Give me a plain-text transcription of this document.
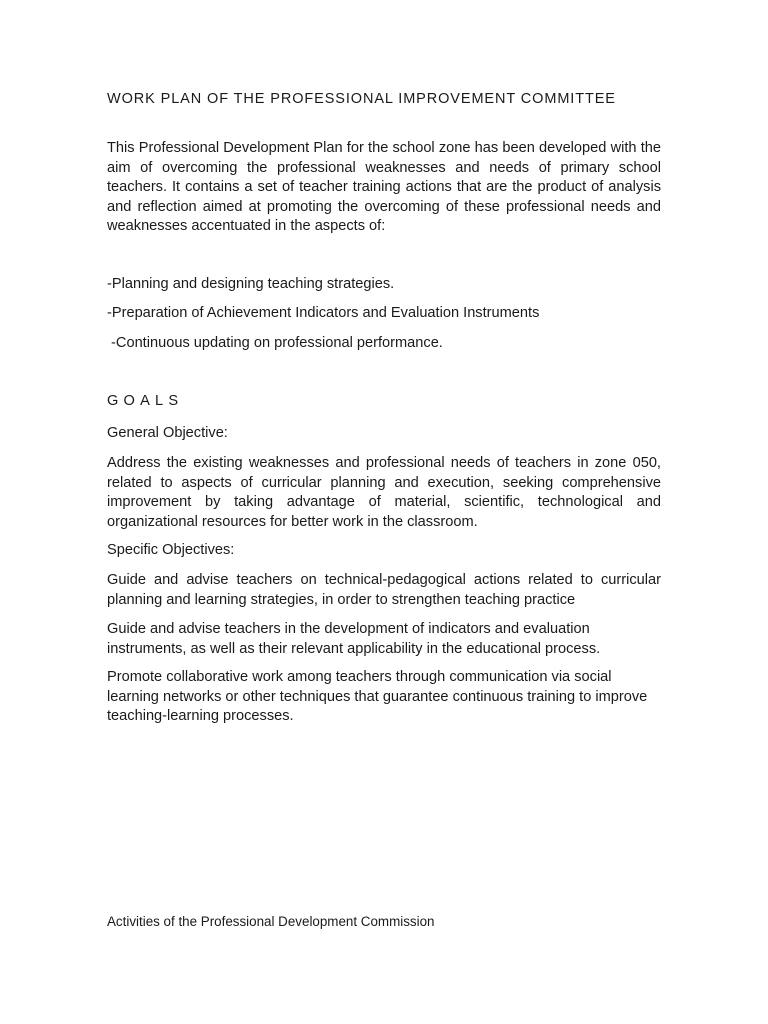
WORK PLAN OF THE PROFESSIONAL IMPROVEMENT COMMITTEE

This Professional Development Plan for the school zone has been developed with the aim of overcoming the professional weaknesses and needs of primary school teachers. It contains a set of teacher training actions that are the product of analysis and reflection aimed at promoting the overcoming of these professional needs and weaknesses accentuated in the aspects of:

-Planning and designing teaching strategies.

-Preparation of Achievement Indicators and Evaluation Instruments

-Continuous updating on professional performance.

GOALS

General Objective:

Address the existing weaknesses and professional needs of teachers in zone 050, related to aspects of curricular planning and execution, seeking comprehensive improvement by taking advantage of material, scientific, technological and organizational resources for better work in the classroom.

Specific Objectives:

Guide and advise teachers on technical-pedagogical actions related to curricular planning and learning strategies, in order to strengthen teaching practice

Guide and advise teachers in the development of indicators and evaluation instruments, as well as their relevant applicability in the educational process.

Promote collaborative work among teachers through communication via social learning networks or other techniques that guarantee continuous training to improve teaching-learning processes.

Activities of the Professional Development Commission
